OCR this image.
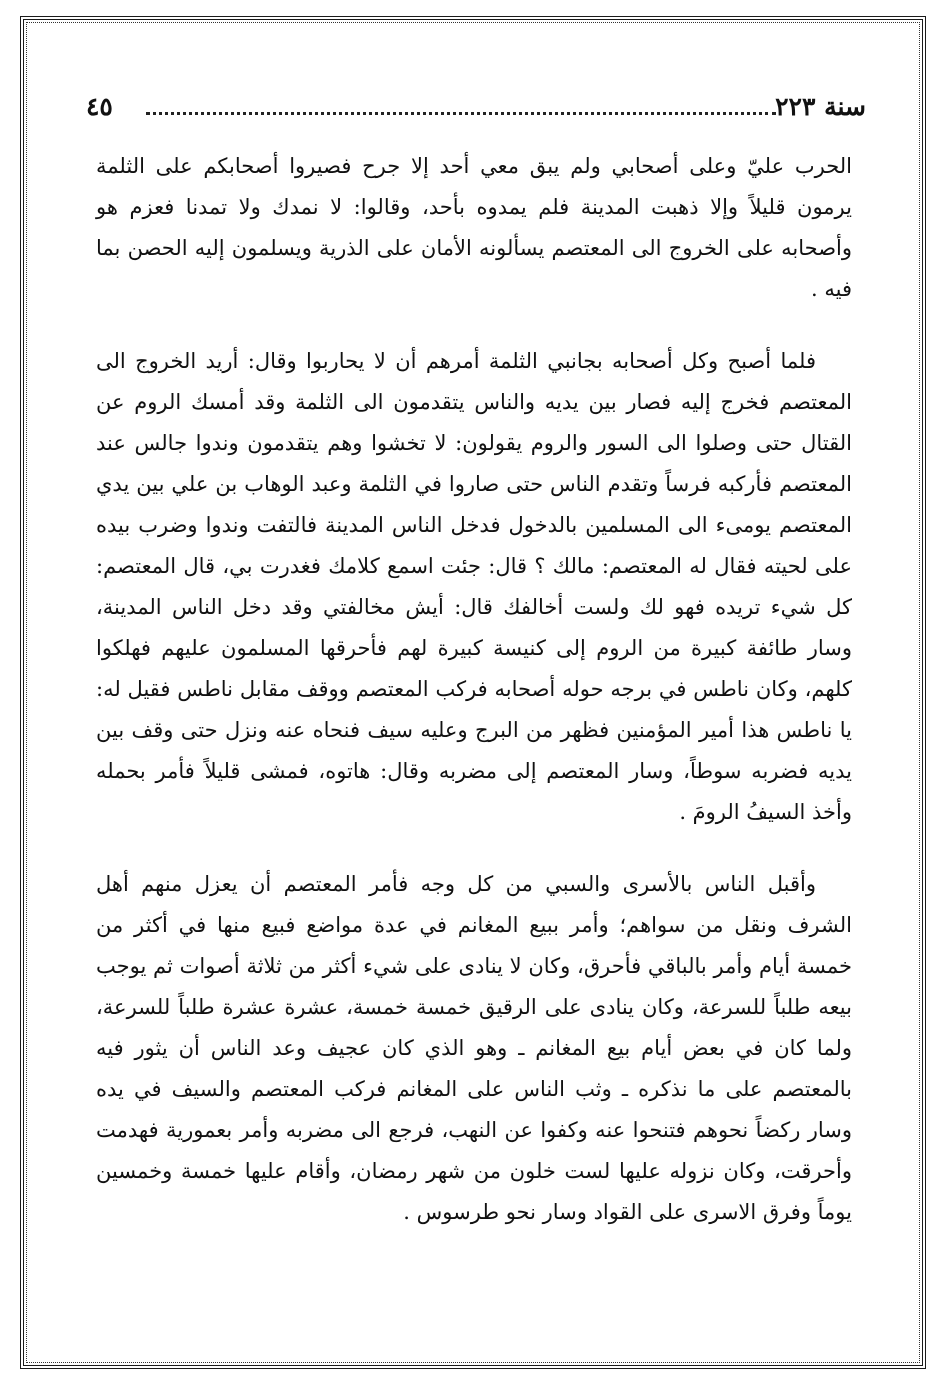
سنة ٢٢٣
٤٥

الحرب عليّ وعلى أصحابي ولم يبق معي أحد إلا جرح فصيروا أصحابكم على الثلمة يرمون قليلاً وإلا ذهبت المدينة فلم يمدوه بأحد، وقالوا: لا نمدك ولا تمدنا فعزم هو وأصحابه على الخروج الى المعتصم يسألونه الأمان على الذرية ويسلمون إليه الحصن بما فيه .

فلما أصبح وكل أصحابه بجانبي الثلمة أمرهم أن لا يحاربوا وقال: أريد الخروج الى المعتصم فخرج إليه فصار بين يديه والناس يتقدمون الى الثلمة وقد أمسك الروم عن القتال حتى وصلوا الى السور والروم يقولون: لا تخشوا وهم يتقدمون وندوا جالس عند المعتصم فأركبه فرساً وتقدم الناس حتى صاروا في الثلمة وعبد الوهاب بن علي بين يدي المعتصم يومىء الى المسلمين بالدخول فدخل الناس المدينة فالتفت وندوا وضرب بيده على لحيته فقال له المعتصم: مالك ؟ قال: جئت اسمع كلامك فغدرت بي، قال المعتصم: كل شيء تريده فهو لك ولست أخالفك قال: أيش مخالفتي وقد دخل الناس المدينة، وسار طائفة كبيرة من الروم إلى كنيسة كبيرة لهم فأحرقها المسلمون عليهم فهلكوا كلهم، وكان ناطس في برجه حوله أصحابه فركب المعتصم ووقف مقابل ناطس فقيل له: يا ناطس هذا أمير المؤمنين فظهر من البرج وعليه سيف فنحاه عنه ونزل حتى وقف بين يديه فضربه سوطاً، وسار المعتصم إلى مضربه وقال: هاتوه، فمشى قليلاً فأمر بحمله وأخذ السيفُ الرومَ .

وأقبل الناس بالأسرى والسبي من كل وجه فأمر المعتصم أن يعزل منهم أهل الشرف ونقل من سواهم؛ وأمر ببيع المغانم في عدة مواضع فبيع منها في أكثر من خمسة أيام وأمر بالباقي فأحرق، وكان لا ينادى على شيء أكثر من ثلاثة أصوات ثم يوجب بيعه طلباً للسرعة، وكان ينادى على الرقيق خمسة خمسة، عشرة عشرة طلباً للسرعة، ولما كان في بعض أيام بيع المغانم ـ وهو الذي كان عجيف وعد الناس أن يثور فيه بالمعتصم على ما نذكره ـ وثب الناس على المغانم فركب المعتصم والسيف في يده وسار ركضاً نحوهم فتنحوا عنه وكفوا عن النهب، فرجع الى مضربه وأمر بعمورية فهدمت وأحرقت، وكان نزوله عليها لست خلون من شهر رمضان، وأقام عليها خمسة وخمسين يوماً وفرق الاسرى على القواد وسار نحو طرسوس .
